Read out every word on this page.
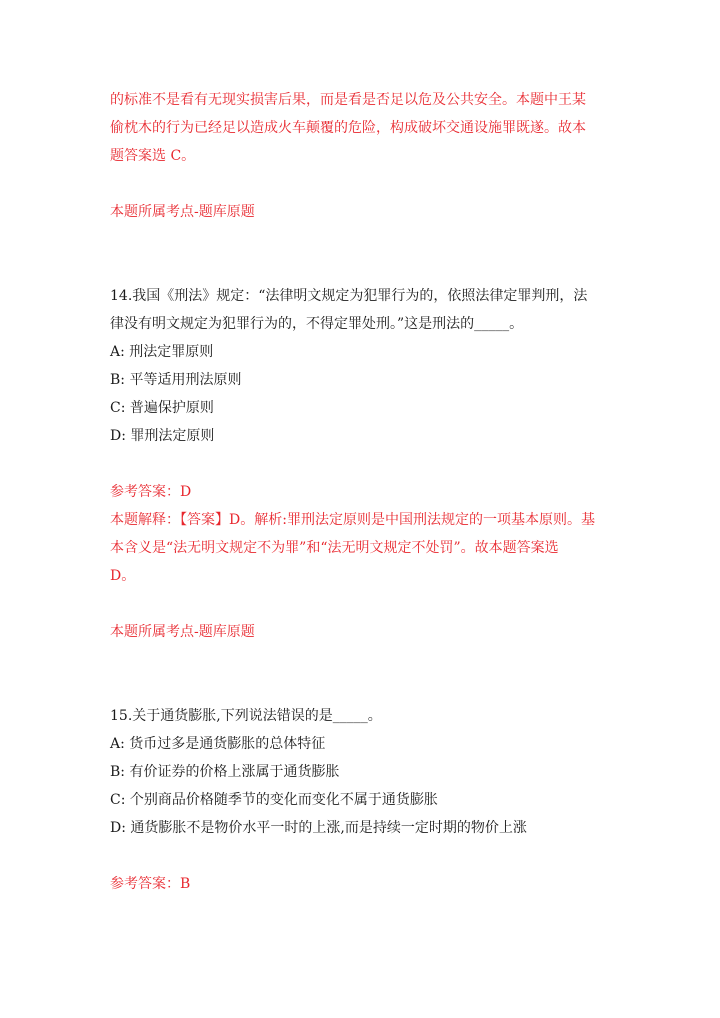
的标准不是看有无现实损害后果，而是看是否足以危及公共安全。本题中王某

偷枕木的行为已经足以造成火车颠覆的危险，构成破坏交通设施罪既遂。故本

题答案选 C。

本题所属考点-题库原题

14.我国《刑法》规定：“法律明文规定为犯罪行为的，依照法律定罪判刑，法

律没有明文规定为犯罪行为的，不得定罪处刑。”这是刑法的_____。

A: 刑法定罪原则

B: 平等适用刑法原则

C: 普遍保护原则

D: 罪刑法定原则

参考答案：D

本题解释：【答案】D。解析:罪刑法定原则是中国刑法规定的一项基本原则。基

本含义是“法无明文规定不为罪”和“法无明文规定不处罚”。故本题答案选

D。

本题所属考点-题库原题

15.关于通货膨胀,下列说法错误的是_____。

A: 货币过多是通货膨胀的总体特征

B: 有价证券的价格上涨属于通货膨胀

C: 个别商品价格随季节的变化而变化不属于通货膨胀

D: 通货膨胀不是物价水平一时的上涨,而是持续一定时期的物价上涨

参考答案：B
